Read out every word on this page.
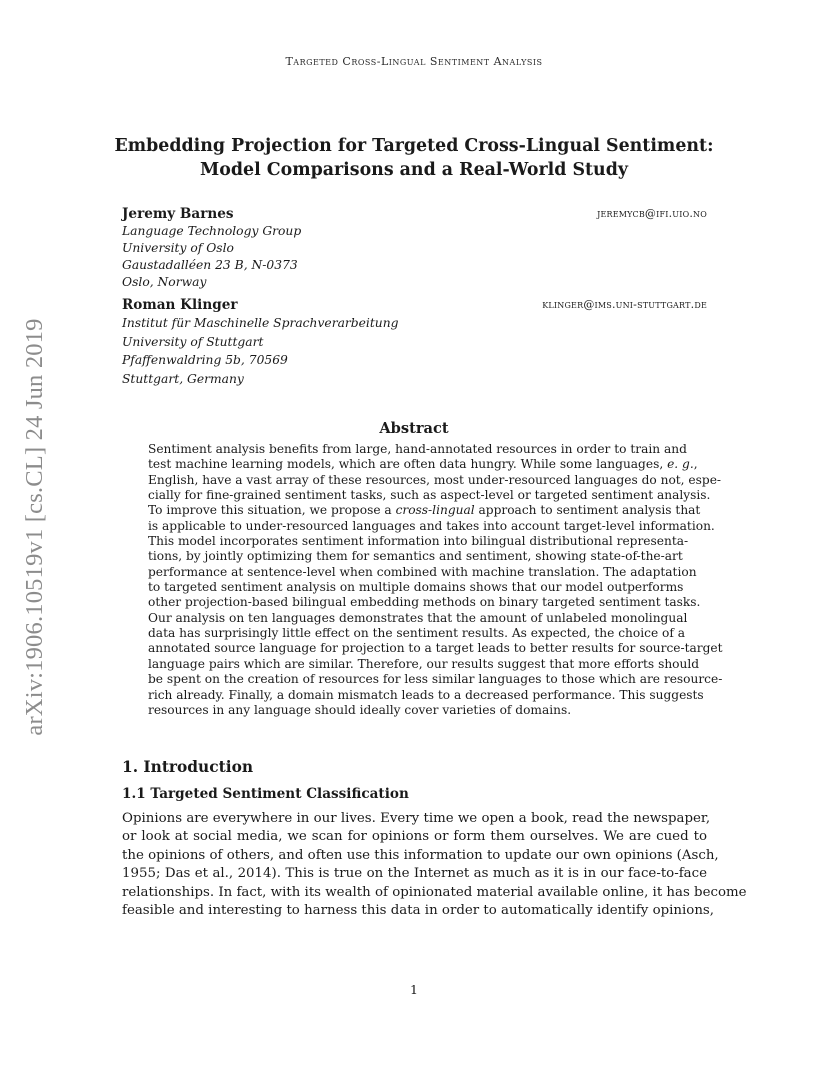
Targeted Cross-Lingual Sentiment Analysis
arXiv:1906.10519v1 [cs.CL] 24 Jun 2019
Embedding Projection for Targeted Cross-Lingual Sentiment:
Model Comparisons and a Real-World Study
Jeremy Barnes	jeremycb@ifi.uio.no
Language Technology Group
University of Oslo
Gaustadalléen 23 B, N-0373
Oslo, Norway
Roman Klinger	klinger@ims.uni-stuttgart.de
Institut für Maschinelle Sprachverarbeitung
University of Stuttgart
Pfaffenwaldring 5b, 70569
Stuttgart, Germany
Abstract
Sentiment analysis benefits from large, hand-annotated resources in order to train and
test machine learning models, which are often data hungry. While some languages, e. g.,
English, have a vast array of these resources, most under-resourced languages do not, espe-
cially for fine-grained sentiment tasks, such as aspect-level or targeted sentiment analysis.
To improve this situation, we propose a cross-lingual approach to sentiment analysis that
is applicable to under-resourced languages and takes into account target-level information.
This model incorporates sentiment information into bilingual distributional representa-
tions, by jointly optimizing them for semantics and sentiment, showing state-of-the-art
performance at sentence-level when combined with machine translation. The adaptation
to targeted sentiment analysis on multiple domains shows that our model outperforms
other projection-based bilingual embedding methods on binary targeted sentiment tasks.
Our analysis on ten languages demonstrates that the amount of unlabeled monolingual
data has surprisingly little effect on the sentiment results. As expected, the choice of a
annotated source language for projection to a target leads to better results for source-target
language pairs which are similar. Therefore, our results suggest that more efforts should
be spent on the creation of resources for less similar languages to those which are resource-
rich already. Finally, a domain mismatch leads to a decreased performance. This suggests
resources in any language should ideally cover varieties of domains.
1. Introduction
1.1 Targeted Sentiment Classification
Opinions are everywhere in our lives. Every time we open a book, read the newspaper,
or look at social media, we scan for opinions or form them ourselves. We are cued to
the opinions of others, and often use this information to update our own opinions (Asch,
1955; Das et al., 2014). This is true on the Internet as much as it is in our face-to-face
relationships. In fact, with its wealth of opinionated material available online, it has become
feasible and interesting to harness this data in order to automatically identify opinions,
1
